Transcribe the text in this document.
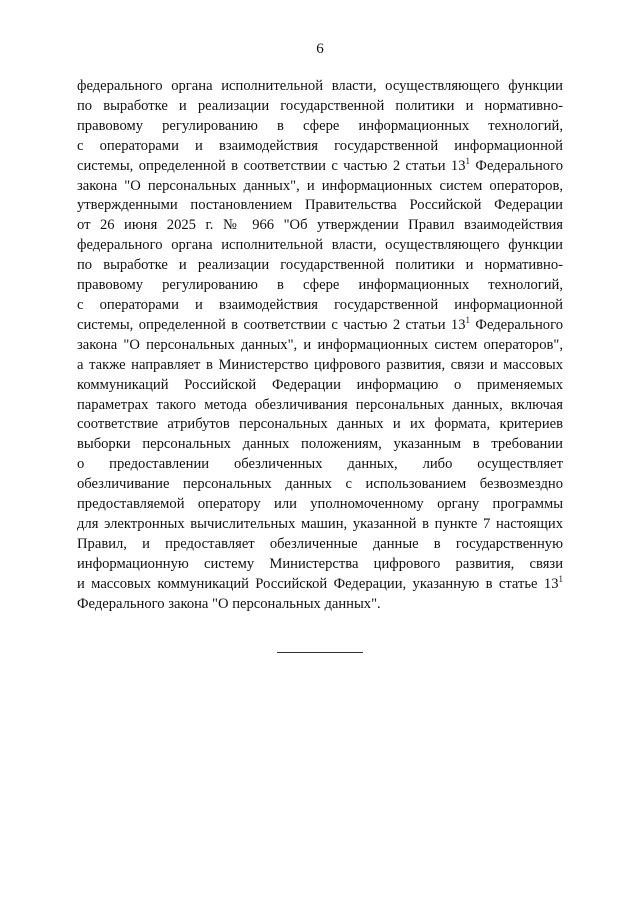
6
федерального органа исполнительной власти, осуществляющего функции
по выработке и реализации государственной политики и нормативно-
правовому регулированию в сфере информационных технологий,
с операторами и взаимодействия государственной информационной
системы, определенной в соответствии с частью 2 статьи $13^1$ Федерального
закона "О персональных данных", и информационных систем операторов,
утвержденными постановлением Правительства Российской Федерации
от 26 июня 2025 г. № 966 "Об утверждении Правил взаимодействия
федерального органа исполнительной власти, осуществляющего функции
по выработке и реализации государственной политики и нормативно-
правовому регулированию в сфере информационных технологий,
с операторами и взаимодействия государственной информационной
системы, определенной в соответствии с частью 2 статьи $13^1$ Федерального
закона "О персональных данных", и информационных систем операторов",
а также направляет в Министерство цифрового развития, связи и массовых
коммуникаций Российской Федерации информацию о применяемых
параметрах такого метода обезличивания персональных данных, включая
соответствие атрибутов персональных данных и их формата, критериев
выборки персональных данных положениям, указанным в требовании
о предоставлении обезличенных данных, либо осуществляет
обезличивание персональных данных с использованием безвозмездно
предоставляемой оператору или уполномоченному органу программы
для электронных вычислительных машин, указанной в пункте 7 настоящих
Правил, и предоставляет обезличенные данные в государственную
информационную систему Министерства цифрового развития, связи
и массовых коммуникаций Российской Федерации, указанную в статье $13^1$
Федерального закона "О персональных данных".
